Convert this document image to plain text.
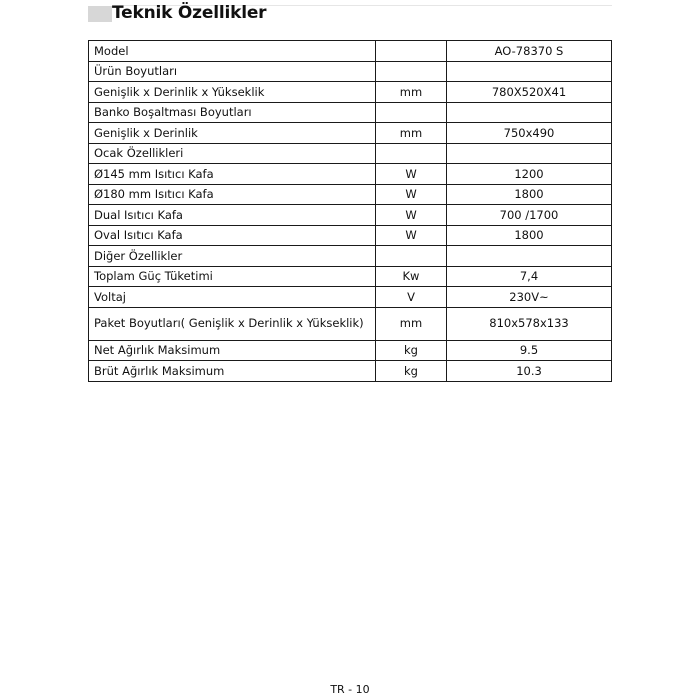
Teknik Özellikler
Model		AO-78370 S
Ürün Boyutları		
Genişlik x Derinlik x Yükseklik	mm	780X520X41
Banko Boşaltması Boyutları		
Genişlik x Derinlik	mm	750x490
Ocak Özellikleri		
Ø145 mm Isıtıcı Kafa	W	1200
Ø180 mm Isıtıcı Kafa	W	1800
Dual Isıtıcı Kafa	W	700 /1700
Oval Isıtıcı Kafa	W	1800
Diğer Özellikler		
Toplam Güç Tüketimi	Kw	7,4
Voltaj	V	230V~
Paket Boyutları( Genişlik x Derinlik x Yükseklik)	mm	810x578x133
Net Ağırlık Maksimum	kg	9.5
Brüt Ağırlık Maksimum	kg	10.3
TR - 10
